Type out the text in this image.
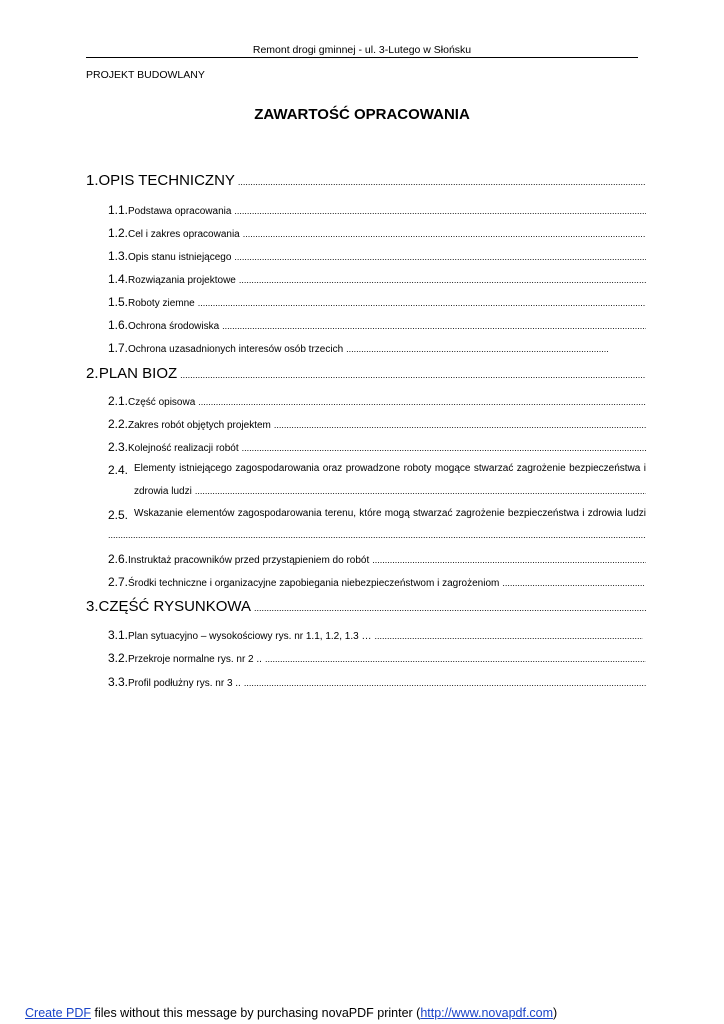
Remont drogi gminnej - ul. 3-Lutego w Słońsku
PROJEKT BUDOWLANY
ZAWARTOŚĆ OPRACOWANIA
1. OPIS TECHNICZNY
.....
1.1. Podstawa opracowania
.....
1.2. Cel i zakres opracowania
.....
1.3. Opis stanu istniejącego
.....
1.4. Rozwiązania projektowe
.....
1.5. Roboty ziemne
.....
1.6. Ochrona środowiska
.....
1.7. Ochrona uzasadnionych interesów osób trzecich
.....
2. PLAN BIOZ
.....
2.1. Część opisowa
.....
2.2. Zakres robót objętych projektem
.....
2.3. Kolejność realizacji robót
.....
2.4. Elementy istniejącego zagospodarowania oraz prowadzone roboty mogące stwarzać zagrożenie bezpieczeństwa i
zdrowia ludzi
.....
2.5. Wskazanie elementów zagospodarowania terenu, które mogą stwarzać zagrożenie bezpieczeństwa i zdrowia ludzi
.....
2.6. Instruktaż pracowników przed przystąpieniem do robót
.....
2.7. Środki techniczne i organizacyjne zapobiegania niebezpieczeństwom i zagrożeniom
.....
3. CZĘŚĆ RYSUNKOWA
.....
3.1. Plan sytuacyjno – wysokościowy rys. nr 1.1, 1.2, 1.3 …
.....
3.2. Przekroje normalne rys. nr 2 ..
.....
3.3. Profil podłużny rys. nr 3 ..
.....
Create PDF files without this message by purchasing novaPDF printer (http://www.novapdf.com)
